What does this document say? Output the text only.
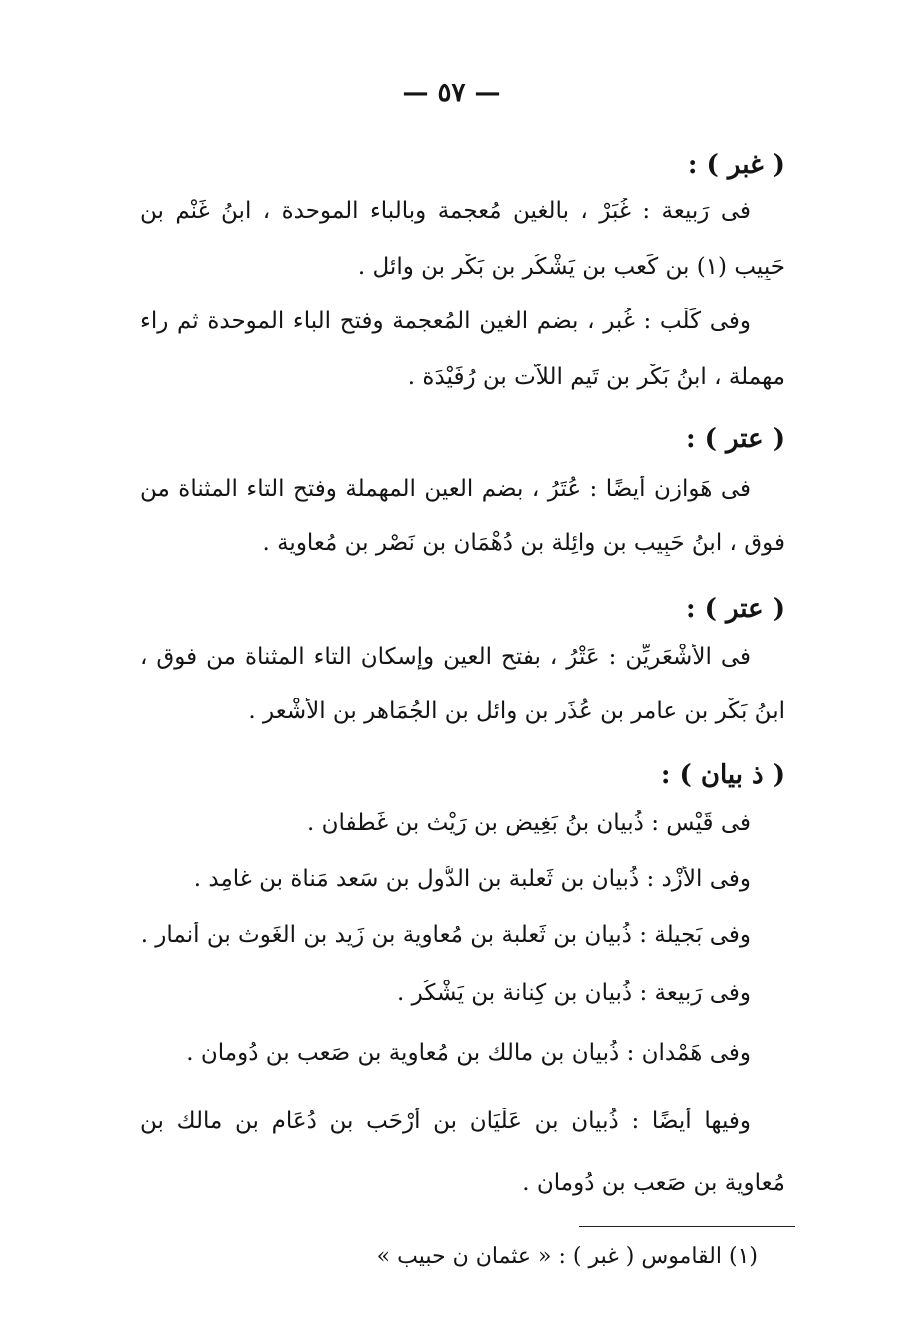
— ٥٧ —
( غبر ) :
فى رَبيعة : غُبَرْ ، بالغين مُعجمة وبالباء الموحدة ، ابنُ غَنْم بن
حَبِيب (١) بن كَعب بن يَشْكُر بن بَكْر بن وائل .
وفى كَلْب : غُبر ، بضم الغين المُعجمة وفتح الباء الموحدة ثم راء
مهملة ، ابنُ بَكْر بن تَيم اللاّت بن رُفَيْدَة .
( عتر ) :
فى هَوازن أَيضًا : عُتَرُ ، بضم العين المهملة وفتح التاء المثناة من
فوق ، ابنُ حَبِيب بن وائِلة بن دُهْمَان بن نَصْر بن مُعاوية .
( عتر ) :
فى الأَشْعَرِيِّن : عَتْرُ ، بفتح العين وإسكان التاء المثناة من فوق ،
ابنُ بَكْر بن عامر بن عُذَر بن وائل بن الجُمَاهر بن الأَشْعر .
( ذ بيان ) :
فى قَيْس : ذُبيان بنُ بَغِيض بن رَيْث بن غَطفان .
وفى الأَزْد : ذُبيان بن ثَعلبة بن الدُّول بن سَعد مَناة بن غامِد .
وفى بَجيلة : ذُبيان بن ثَعلبة بن مُعاوية بن زَيد بن الغَوث بن أنمار .
وفى رَبيعة : ذُبيان بن كِنانة بن يَشْكُر .
وفى هَمْدان : ذُبيان بن مالك بن مُعاوية بن صَعب بن دُومان .
وفيها أَيضًا : ذُبيان بن عَلْيَان بن أَرْحَب بن دُعَام بن مالك بن
مُعاوية بن صَعب بن دُومان .
(١) القاموس ( غبر ) : « عثمان ن حبيب »
